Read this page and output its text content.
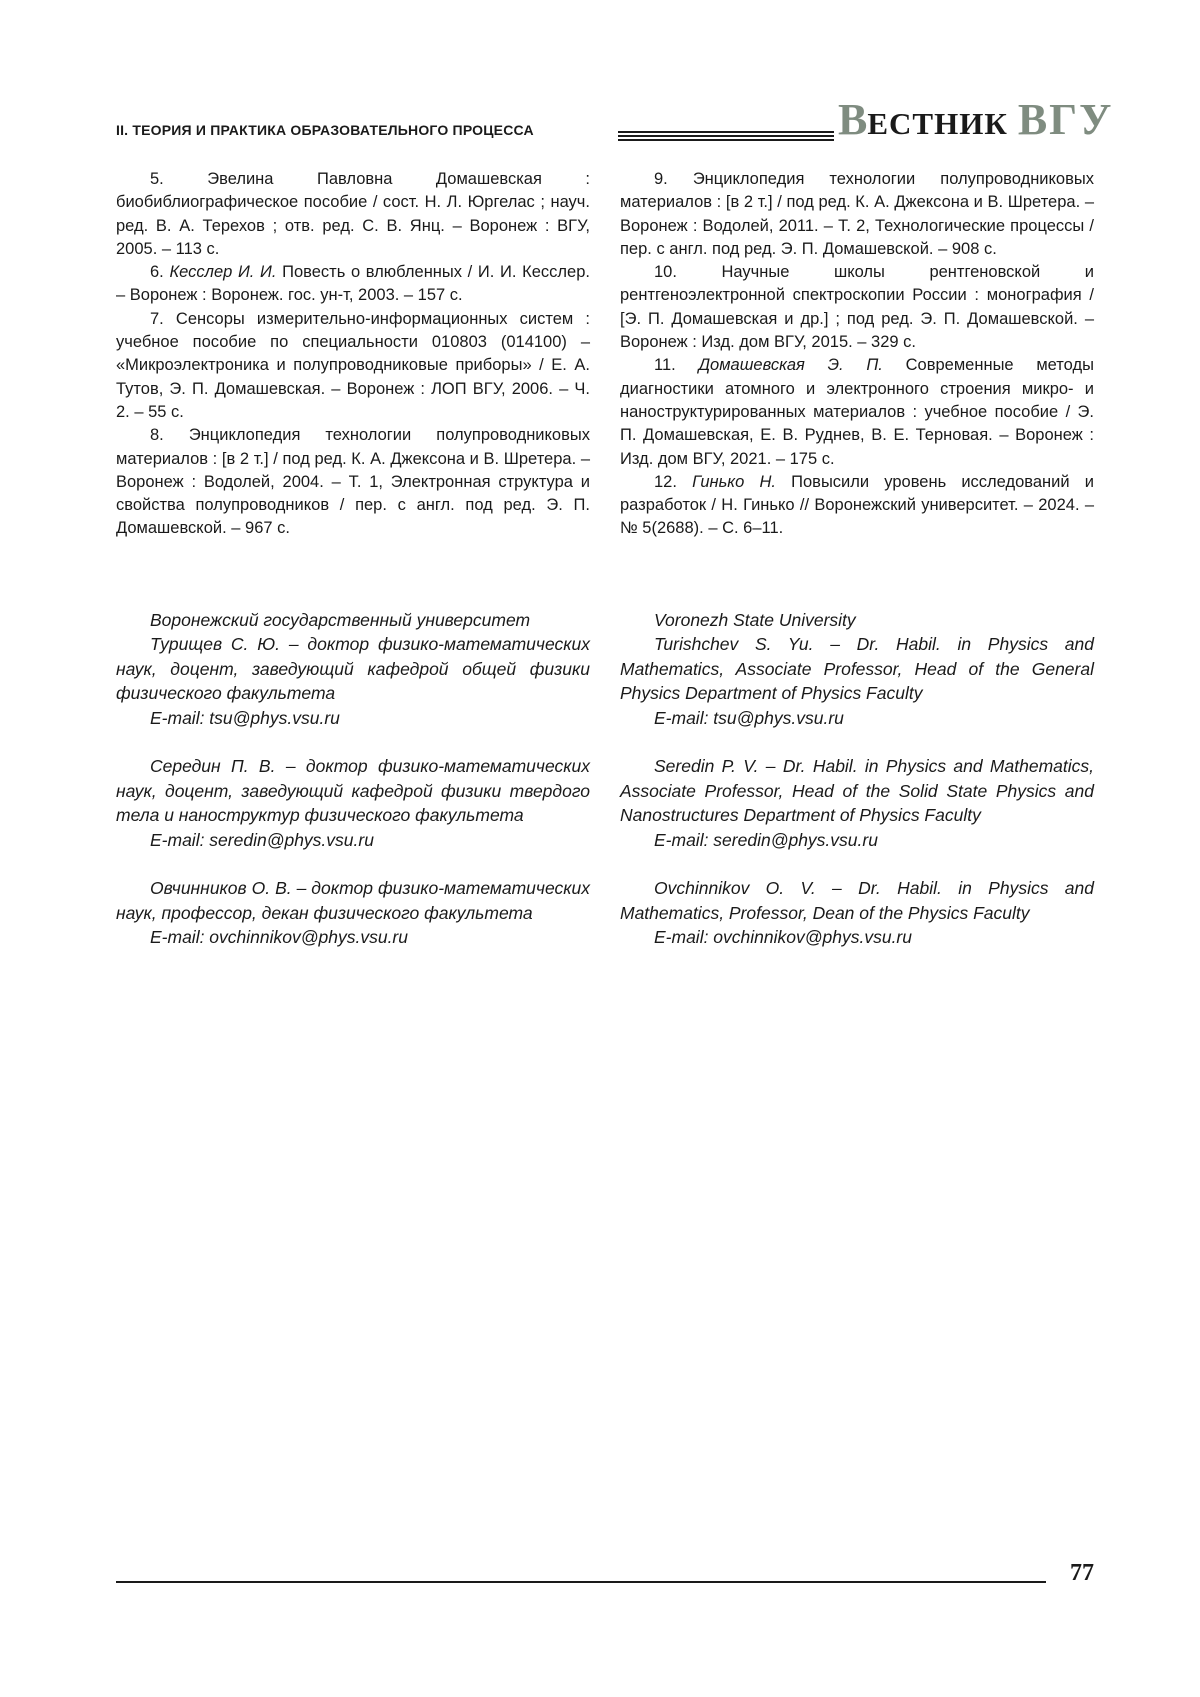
II. ТЕОРИЯ И ПРАКТИКА ОБРАЗОВАТЕЛЬНОГО ПРОЦЕССА	ВЕСТНИК ВГУ

5.	Эвелина Павловна Домашевская : биобиблиографическое пособие / сост. Н. Л. Юргелас ; науч. ред. В. А. Терехов ; отв. ред. С. В. Янц. – Воронеж : ВГУ, 2005. – 113 с.

6. Кесслер И. И. Повесть о влюбленных / И. И. Кесслер. – Воронеж : Воронеж. гос. ун-т, 2003. – 157 с.

7. Сенсоры измерительно-информационных систем : учебное пособие по специальности 010803 (014100) – «Микроэлектроника и полупроводниковые приборы» / Е. А. Тутов, Э. П. Домашевская. – Воронеж : ЛОП ВГУ, 2006. – Ч. 2. – 55 с.

8. Энциклопедия технологии полупроводниковых материалов : [в 2 т.] / под ред. К. А. Джексона и В. Шретера. – Воронеж : Водолей, 2004. – Т. 1, Электронная структура и свойства полупроводников / пер. с англ. под ред. Э. П. Домашевской. – 967 с.

9. Энциклопедия технологии полупроводниковых материалов : [в 2 т.] / под ред. К. А. Джексона и В. Шретера. – Воронеж : Водолей, 2011. – Т. 2, Технологические процессы / пер. с англ. под ред. Э. П. Домашевской. – 908 с.

10.	Научные школы рентгеновской и рентгеноэлектронной спектроскопии России : монография / [Э. П. Домашевская и др.] ; под ред. Э. П. Домашевской. – Воронеж : Изд. дом ВГУ, 2015. – 329 с.

11. Домашевская Э. П. Современные методы диагностики атомного и электронного строения микро- и наноструктурированных материалов : учебное пособие / Э. П. Домашевская, Е. В. Руднев, В. Е. Терновая. – Воронеж : Изд. дом ВГУ, 2021. – 175 с.

12. Гинько Н. Повысили уровень исследований и разработок / Н. Гинько // Воронежский университет. – 2024. – № 5(2688). – С. 6–11.

Воронежский государственный университет

Турищев С. Ю. – доктор физико-математических наук, доцент, заведующий кафедрой общей физики физического факультета

E-mail: tsu@phys.vsu.ru

Середин П. В. – доктор физико-математических наук, доцент, заведующий кафедрой физики твердого тела и наноструктур физического факультета

E-mail: seredin@phys.vsu.ru

Овчинников О. В. – доктор физико-математических наук, профессор, декан физического факультета

E-mail: ovchinnikov@phys.vsu.ru

Voronezh State University

Turishchev S. Yu. – Dr. Habil. in Physics and Mathematics, Associate Professor, Head of the General Physics Department of Physics Faculty

E-mail: tsu@phys.vsu.ru

Seredin P. V. – Dr. Habil. in Physics and Mathematics, Associate Professor, Head of the Solid State Physics and Nanostructures Department of Physics Faculty

E-mail: seredin@phys.vsu.ru

Ovchinnikov O. V. – Dr. Habil. in Physics and Mathematics, Professor, Dean of the Physics Faculty

E-mail: ovchinnikov@phys.vsu.ru

77
